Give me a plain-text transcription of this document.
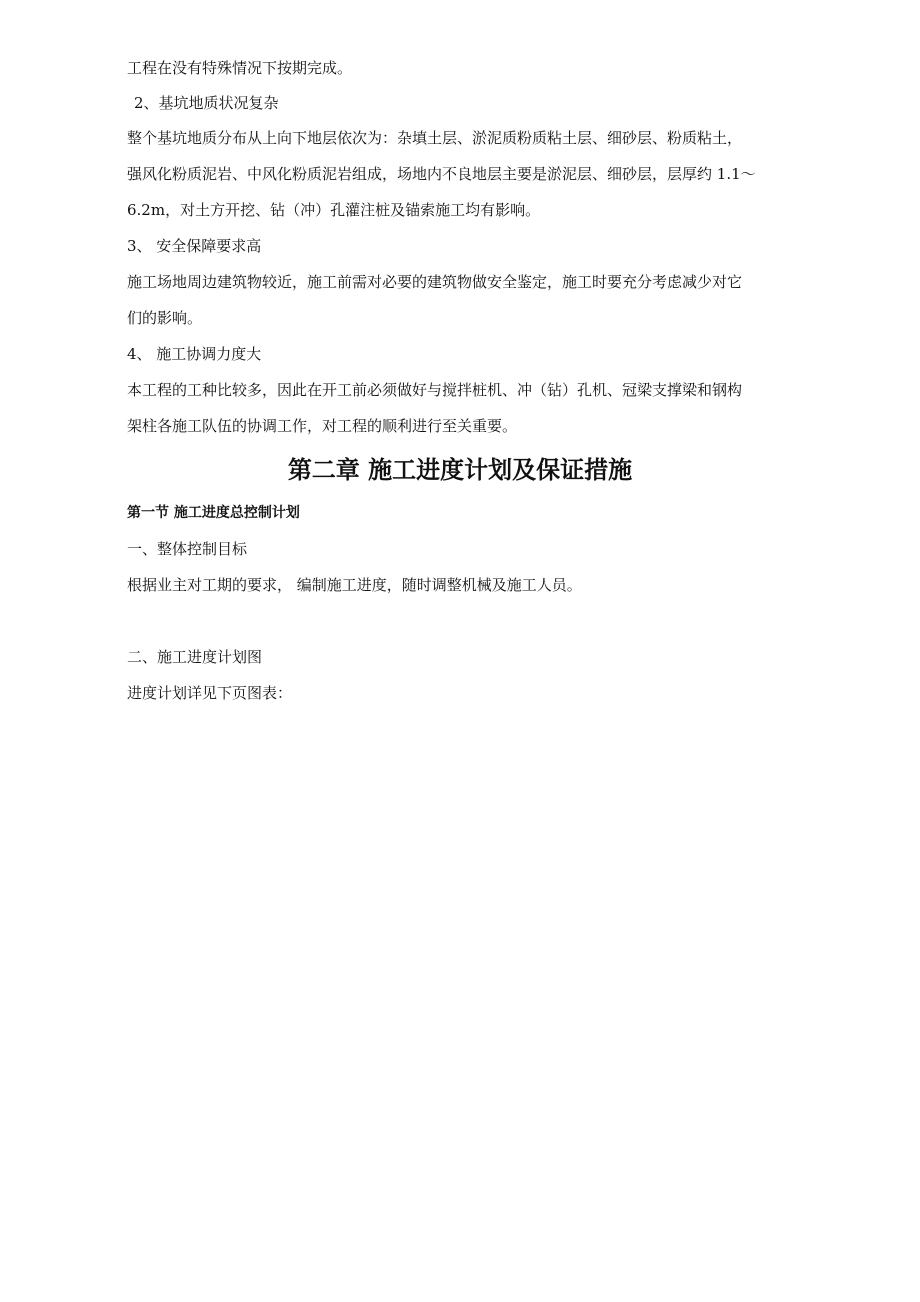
工程在没有特殊情况下按期完成。
2、基坑地质状况复杂
整个基坑地质分布从上向下地层依次为：杂填土层、淤泥质粉质粘土层、细砂层、粉质粘土，
强风化粉质泥岩、中风化粉质泥岩组成，场地内不良地层主要是淤泥层、细砂层，层厚约 1.1～
6.2m，对土方开挖、钻（冲）孔灌注桩及锚索施工均有影响。
3、 安全保障要求高
施工场地周边建筑物较近，施工前需对必要的建筑物做安全鉴定，施工时要充分考虑减少对它
们的影响。
4、 施工协调力度大
本工程的工种比较多，因此在开工前必须做好与搅拌桩机、冲（钻）孔机、冠梁支撑梁和钢构
架柱各施工队伍的协调工作，对工程的顺利进行至关重要。
第二章 施工进度计划及保证措施
第一节 施工进度总控制计划
一、整体控制目标
根据业主对工期的要求， 编制施工进度，随时调整机械及施工人员。
二、施工进度计划图
进度计划详见下页图表：
